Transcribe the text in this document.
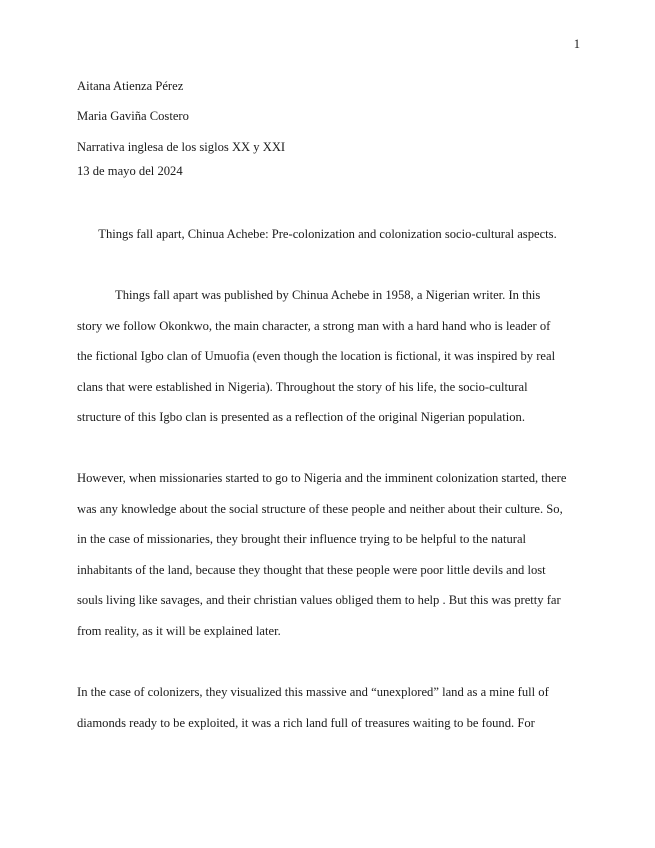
1
Aitana Atienza Pérez
Maria Gaviña Costero
Narrativa inglesa de los siglos XX y XXI
13 de mayo del 2024
Things fall apart, Chinua Achebe: Pre-colonization and colonization socio-cultural aspects.
Things fall apart was published by Chinua Achebe in 1958, a Nigerian writer. In this
story we follow Okonkwo, the main character, a strong man with a hard hand who is leader of
the fictional Igbo clan of Umuofia (even though the location is fictional, it was inspired by real
clans that were established in Nigeria). Throughout the story of his life, the socio-cultural
structure of this Igbo clan is presented as a reflection of the original Nigerian population.
However, when missionaries started to go to Nigeria and the imminent colonization started, there
was any knowledge about the social structure of these people and neither about their culture. So,
in the case of missionaries, they brought their influence trying to be helpful to the natural
inhabitants of the land, because they thought that these people were poor little devils and lost
souls living like savages, and their christian values obliged them to help . But this was pretty far
from reality, as it will be explained later.
In the case of colonizers, they visualized this massive and “unexplored” land as a mine full of
diamonds ready to be exploited, it was a rich land full of treasures waiting to be found. For
